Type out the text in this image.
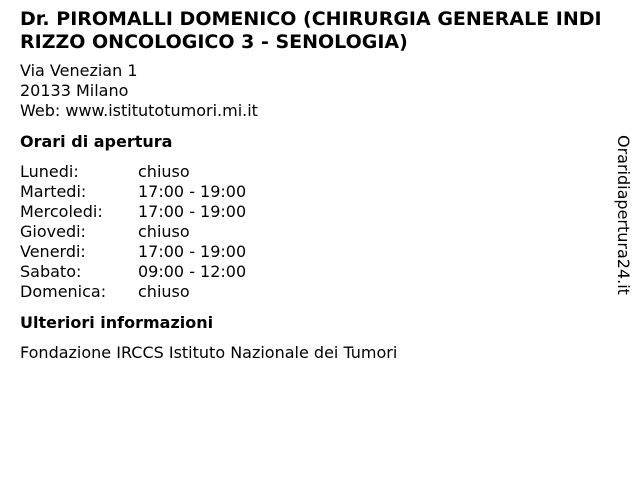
Dr. PIROMALLI DOMENICO (CHIRURGIA GENERALE INDIRIZZO ONCOLOGICO 3 - SENOLOGIA)
Via Venezian 1
20133 Milano
Web: www.istitutotumori.mi.it
Orari di apertura
Lunedi:	chiuso
Martedi:	17:00 - 19:00
Mercoledi:	17:00 - 19:00
Giovedi:	chiuso
Venerdi:	17:00 - 19:00
Sabato:	09:00 - 12:00
Domenica:	chiuso
Ulteriori informazioni
Fondazione IRCCS Istituto Nazionale dei Tumori
Oraridiapertura24.it
